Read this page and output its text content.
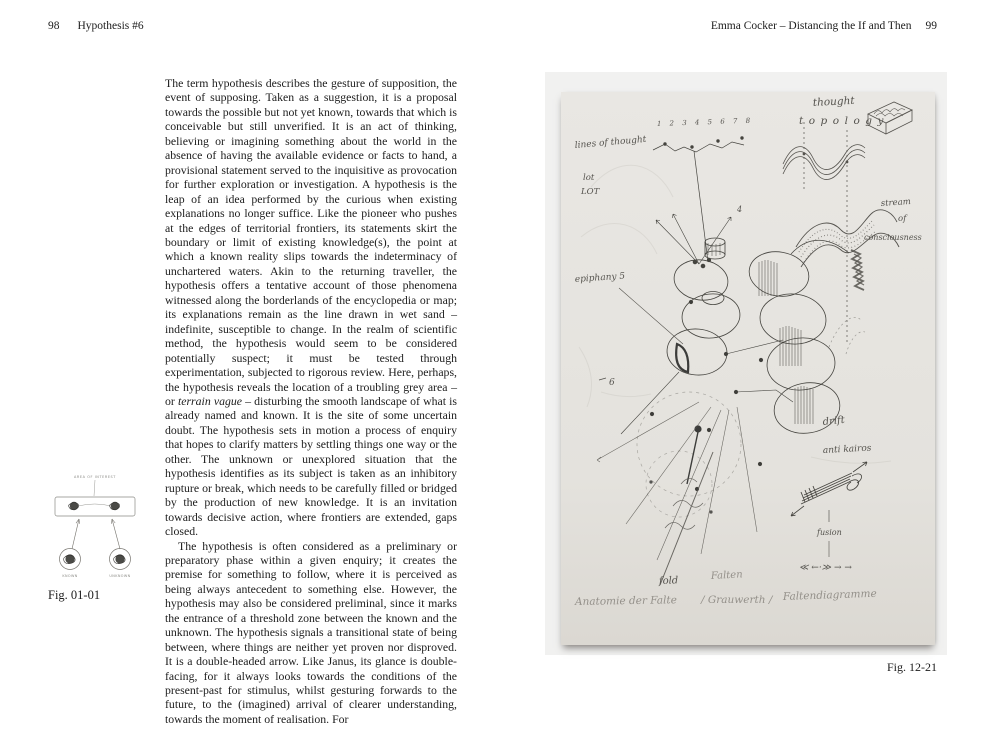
98 Hypothesis #6	Emma Cocker – Distancing the If and Then 99

The term hypothesis describes the gesture of supposition, the event of supposing. Taken as a suggestion, it is a proposal towards the possible but not yet known, towards that which is conceivable but still unverified. It is an act of thinking, believing or imagining something about the world in the absence of having the available evidence or facts to hand, a provisional statement served to the inquisitive as provocation for further exploration or investigation. A hypothesis is the leap of an idea performed by the curious when existing explanations no longer suffice. Like the pioneer who pushes at the edges of territorial frontiers, its statements skirt the boundary or limit of existing knowledge(s), the point at which a known reality slips towards the indeterminacy of unchartered waters. Akin to the returning traveller, the hypothesis offers a tentative account of those phenomena witnessed along the borderlands of the encyclopedia or map; its explanations remain as the line drawn in wet sand – indefinite, susceptible to change. In the realm of scientific method, the hypothesis would seem to be considered potentially suspect; it must be tested through experimentation, subjected to rigorous review. Here, perhaps, the hypothesis reveals the location of a troubling grey area – or terrain vague – disturbing the smooth landscape of what is already named and known. It is the site of some uncertain doubt. The hypothesis sets in motion a process of enquiry that hopes to clarify matters by settling things one way or the other. The unknown or unexplored situation that the hypothesis identifies as its subject is taken as an inhibitory rupture or break, which needs to be carefully filled or bridged by the production of new knowledge. It is an invitation towards decisive action, where frontiers are extended, gaps closed.

The hypothesis is often considered as a preliminary or preparatory phase within a given enquiry; it creates the premise for something to follow, where it is perceived as being always antecedent to something else. However, the hypothesis may also be considered preliminal, since it marks the entrance of a threshold zone between the known and the unknown. The hypothesis signals a transitional state of being between, where things are neither yet proven nor disproved. It is a double-headed arrow. Like Janus, its glance is double-facing, for it always looks towards the conditions of the present-past for stimulus, whilst gesturing forwards to the future, to the (imagined) arrival of clearer understanding, towards the moment of realisation. For

AREA OF INTEREST
KNOWN	UNKNOWN
Fig. 01-01
lines of thought
lot
LOT
1 2 3 4 5 6 7 8
thought
topology
stream
of
consciousness
4
epiphany 5
6
drift
anti kairos
fusion
≪ ←·≫ → →
fold	Falten
Anatomie der Falte / Grauwerth / Faltendiagramme
Fig. 12-21
